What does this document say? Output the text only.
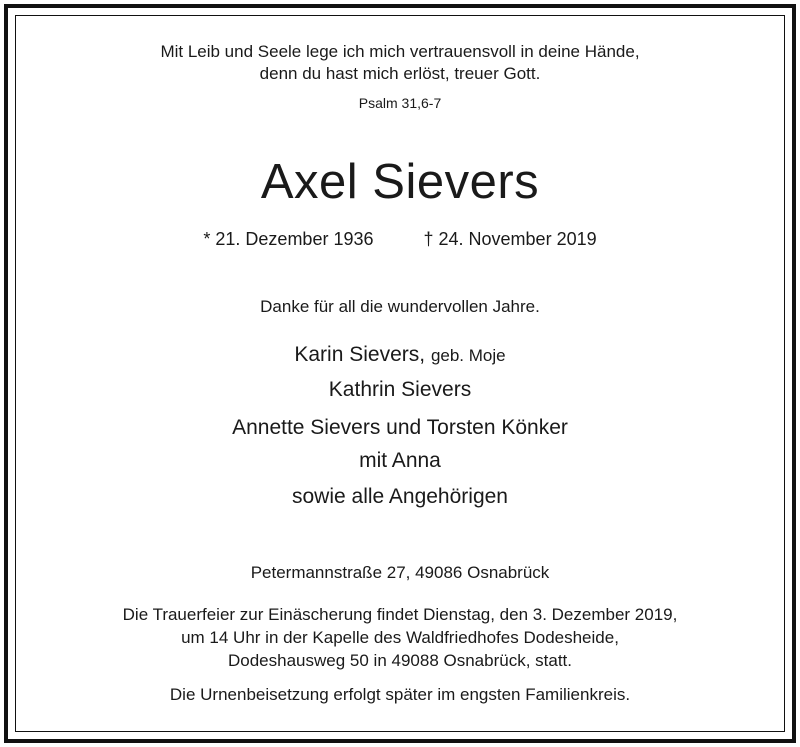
Mit Leib und Seele lege ich mich vertrauensvoll in deine Hände,
denn du hast mich erlöst, treuer Gott.
Psalm 31,6-7
Axel Sievers
* 21. Dezember 1936	† 24. November 2019
Danke für all die wundervollen Jahre.
Karin Sievers, geb. Moje
Kathrin Sievers
Annette Sievers und Torsten Könker
mit Anna
sowie alle Angehörigen
Petermannstraße 27, 49086 Osnabrück
Die Trauerfeier zur Einäscherung findet Dienstag, den 3. Dezember 2019,
um 14 Uhr in der Kapelle des Waldfriedhofes Dodesheide,
Dodeshausweg 50 in 49088 Osnabrück, statt.
Die Urnenbeisetzung erfolgt später im engsten Familienkreis.
